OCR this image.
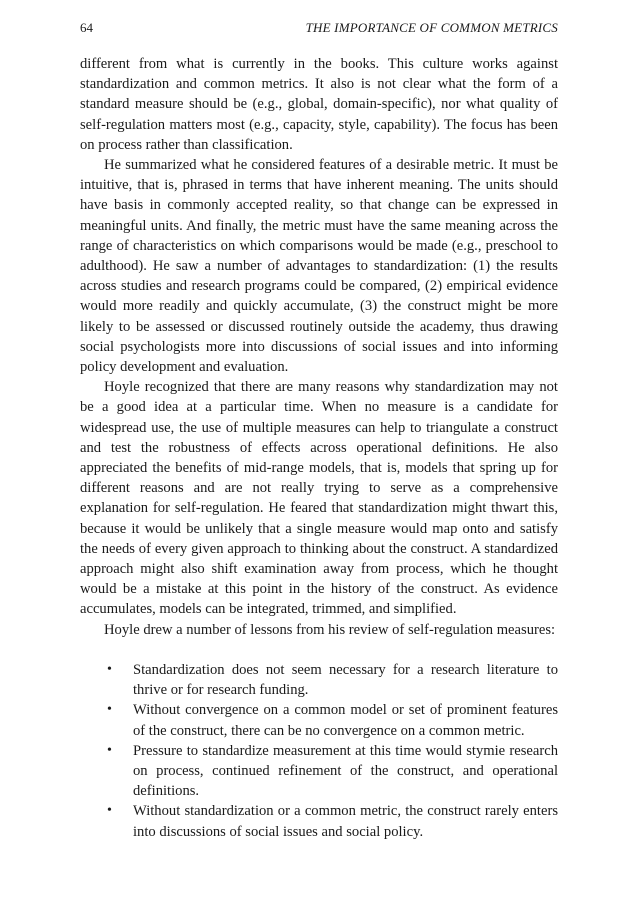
64	THE IMPORTANCE OF COMMON METRICS

different from what is currently in the books. This culture works against standardization and common metrics. It also is not clear what the form of a standard measure should be (e.g., global, domain-specific), nor what quality of self-regulation matters most (e.g., capacity, style, capability). The focus has been on process rather than classification.

He summarized what he considered features of a desirable metric. It must be intuitive, that is, phrased in terms that have inherent meaning. The units should have basis in commonly accepted reality, so that change can be expressed in meaningful units. And finally, the metric must have the same meaning across the range of characteristics on which comparisons would be made (e.g., preschool to adulthood). He saw a number of advantages to standardization: (1) the results across studies and research programs could be compared, (2) empirical evidence would more readily and quickly accumulate, (3) the construct might be more likely to be assessed or discussed routinely outside the academy, thus drawing social psychologists more into discussions of social issues and into informing policy development and evaluation.

Hoyle recognized that there are many reasons why standardization may not be a good idea at a particular time. When no measure is a candidate for widespread use, the use of multiple measures can help to triangulate a construct and test the robustness of effects across operational definitions. He also appreciated the benefits of mid-range models, that is, models that spring up for different reasons and are not really trying to serve as a comprehensive explanation for self-regulation. He feared that standardization might thwart this, because it would be unlikely that a single measure would map onto and satisfy the needs of every given approach to thinking about the construct. A standardized approach might also shift examination away from process, which he thought would be a mistake at this point in the history of the construct. As evidence accumulates, models can be integrated, trimmed, and simplified.

Hoyle drew a number of lessons from his review of self-regulation measures:

• Standardization does not seem necessary for a research literature to thrive or for research funding.
• Without convergence on a common model or set of prominent features of the construct, there can be no convergence on a common metric.
• Pressure to standardize measurement at this time would stymie research on process, continued refinement of the construct, and operational definitions.
• Without standardization or a common metric, the construct rarely enters into discussions of social issues and social policy.
